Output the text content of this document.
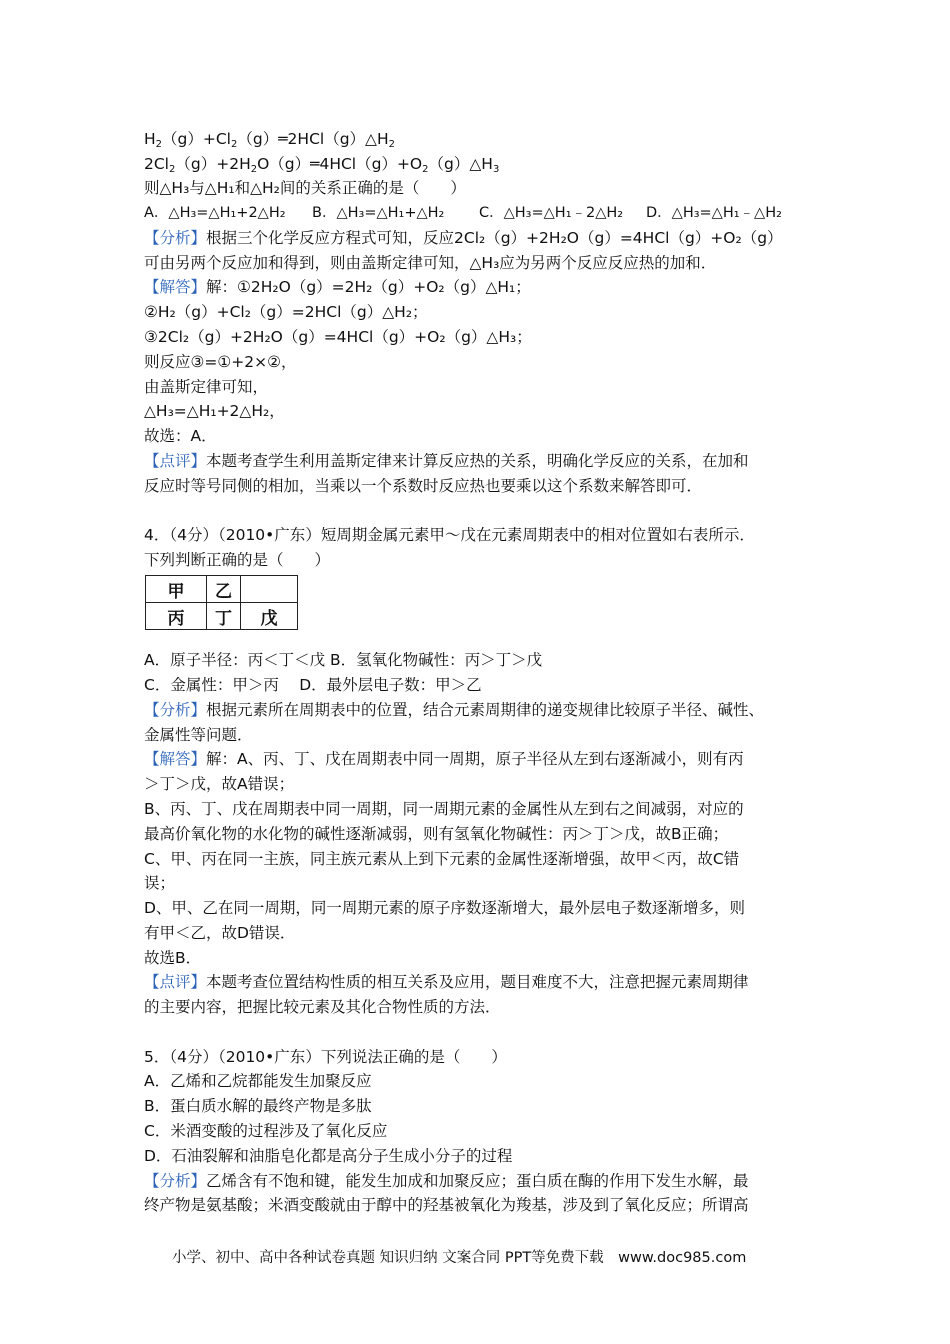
$H_2(g)+Cl_2(g)═2HCl(g)\triangle H_2$
$2Cl_2(g)+2H_2O(g)═4HCl(g)+O_2(g)\triangle H_3$
则△H₃与△H₁和△H₂间的关系正确的是（　　）
A．△H₃=△H₁+2△H₂ B．△H₃=△H₁+△H₂ C．△H₃=△H₁﹣2△H₂ D．△H₃=△H₁﹣△H₂
【分析】根据三个化学反应方程式可知，反应2Cl₂（g）+2H₂O（g）=4HCl（g）+O₂（g）
可由另两个反应加和得到，则由盖斯定律可知，△H₃应为另两个反应反应热的加和．
【解答】解：①2H₂O（g）=2H₂（g）+O₂（g）△H₁；
②H₂（g）+Cl₂（g）=2HCl（g）△H₂；
③2Cl₂（g）+2H₂O（g）=4HCl（g）+O₂（g）△H₃；
则反应③=①+2×②，
由盖斯定律可知，
△H₃=△H₁+2△H₂，
故选：A．
【点评】本题考查学生利用盖斯定律来计算反应热的关系，明确化学反应的关系，在加和
反应时等号同侧的相加，当乘以一个系数时反应热也要乘以这个系数来解答即可．
4．（4分）（2010•广东）短周期金属元素甲～戊在元素周期表中的相对位置如右表所示．
下列判断正确的是（　　）
甲	乙	
丙	丁	戊
A．原子半径：丙＜丁＜戊 B．氢氧化物碱性：丙＞丁＞戊
C．金属性：甲＞丙　 D．最外层电子数：甲＞乙
【分析】根据元素所在周期表中的位置，结合元素周期律的递变规律比较原子半径、碱性、
金属性等问题．
【解答】解：A、丙、丁、戊在周期表中同一周期，原子半径从左到右逐渐减小，则有丙
＞丁＞戊，故A错误；
B、丙、丁、戊在周期表中同一周期，同一周期元素的金属性从左到右之间减弱，对应的
最高价氧化物的水化物的碱性逐渐减弱，则有氢氧化物碱性：丙＞丁＞戊，故B正确；
C、甲、丙在同一主族，同主族元素从上到下元素的金属性逐渐增强，故甲＜丙，故C错
误；
D、甲、乙在同一周期，同一周期元素的原子序数逐渐增大，最外层电子数逐渐增多，则
有甲＜乙，故D错误．
故选B．
【点评】本题考查位置结构性质的相互关系及应用，题目难度不大，注意把握元素周期律
的主要内容，把握比较元素及其化合物性质的方法．
5．（4分）（2010•广东）下列说法正确的是（　　）
A．乙烯和乙烷都能发生加聚反应
B．蛋白质水解的最终产物是多肽
C．米酒变酸的过程涉及了氧化反应
D．石油裂解和油脂皂化都是高分子生成小分子的过程
【分析】乙烯含有不饱和键，能发生加成和加聚反应；蛋白质在酶的作用下发生水解，最
终产物是氨基酸；米酒变酸就由于醇中的羟基被氧化为羧基，涉及到了氧化反应；所谓高
小学、初中、高中各种试卷真题 知识归纳 文案合同 PPT等免费下载　www.doc985.com
